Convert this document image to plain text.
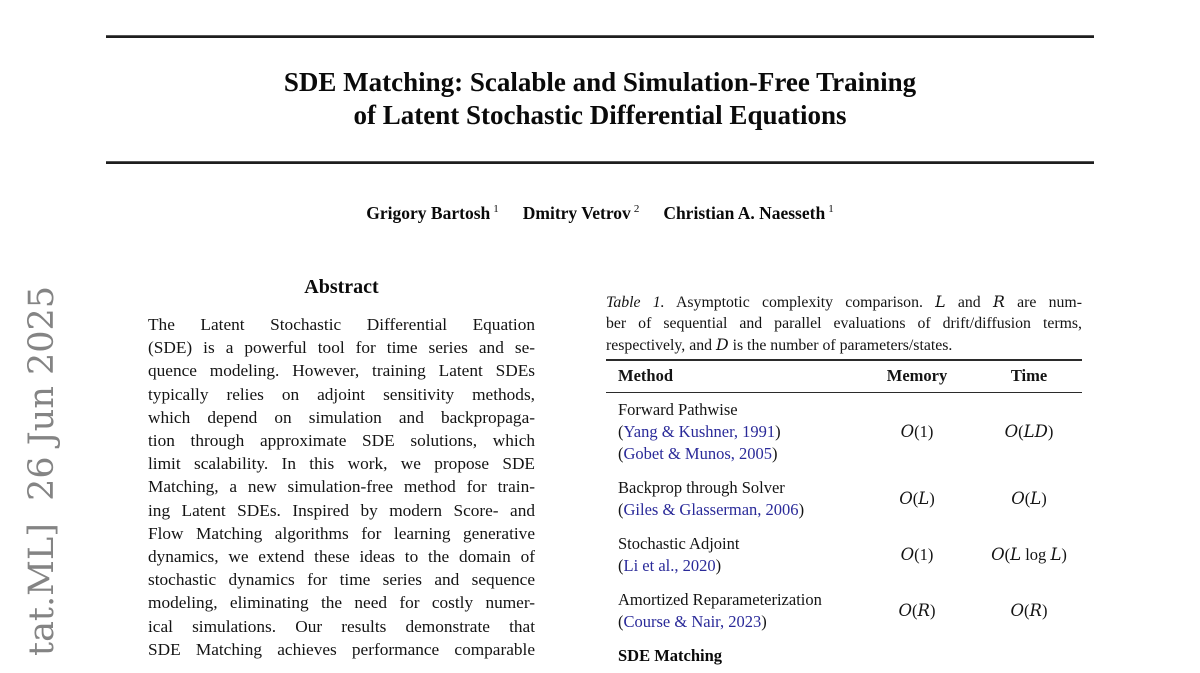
tat.ML]  26 Jun 2025
SDE Matching: Scalable and Simulation-Free Training
of Latent Stochastic Differential Equations
Grigory Bartosh $^1$ Dmitry Vetrov $^2$ Christian A. Naesseth $^1$
Abstract
The Latent Stochastic Differential Equation
(SDE) is a powerful tool for time series and se-
quence modeling. However, training Latent SDEs
typically relies on adjoint sensitivity methods,
which depend on simulation and backpropaga-
tion through approximate SDE solutions, which
limit scalability. In this work, we propose SDE
Matching, a new simulation-free method for train-
ing Latent SDEs. Inspired by modern Score- and
Flow Matching algorithms for learning generative
dynamics, we extend these ideas to the domain of
stochastic dynamics for time series and sequence
modeling, eliminating the need for costly numer-
ical simulations. Our results demonstrate that
SDE Matching achieves performance comparable
Table 1. Asymptotic complexity comparison. L and R are num-
ber of sequential and parallel evaluations of drift/diffusion terms,
respectively, and D is the number of parameters/states.
Method	Memory	Time
Forward Pathwise
(Yang & Kushner, 1991)
(Gobet & Munos, 2005)
O(1)	O(LD)
Backprop through Solver
(Giles & Glasserman, 2006)
O(L)	O(L)
Stochastic Adjoint
(Li et al., 2020)
O(1)	O(L log L)
Amortized Reparameterization
(Course & Nair, 2023)
O(R)	O(R)
SDE Matching
